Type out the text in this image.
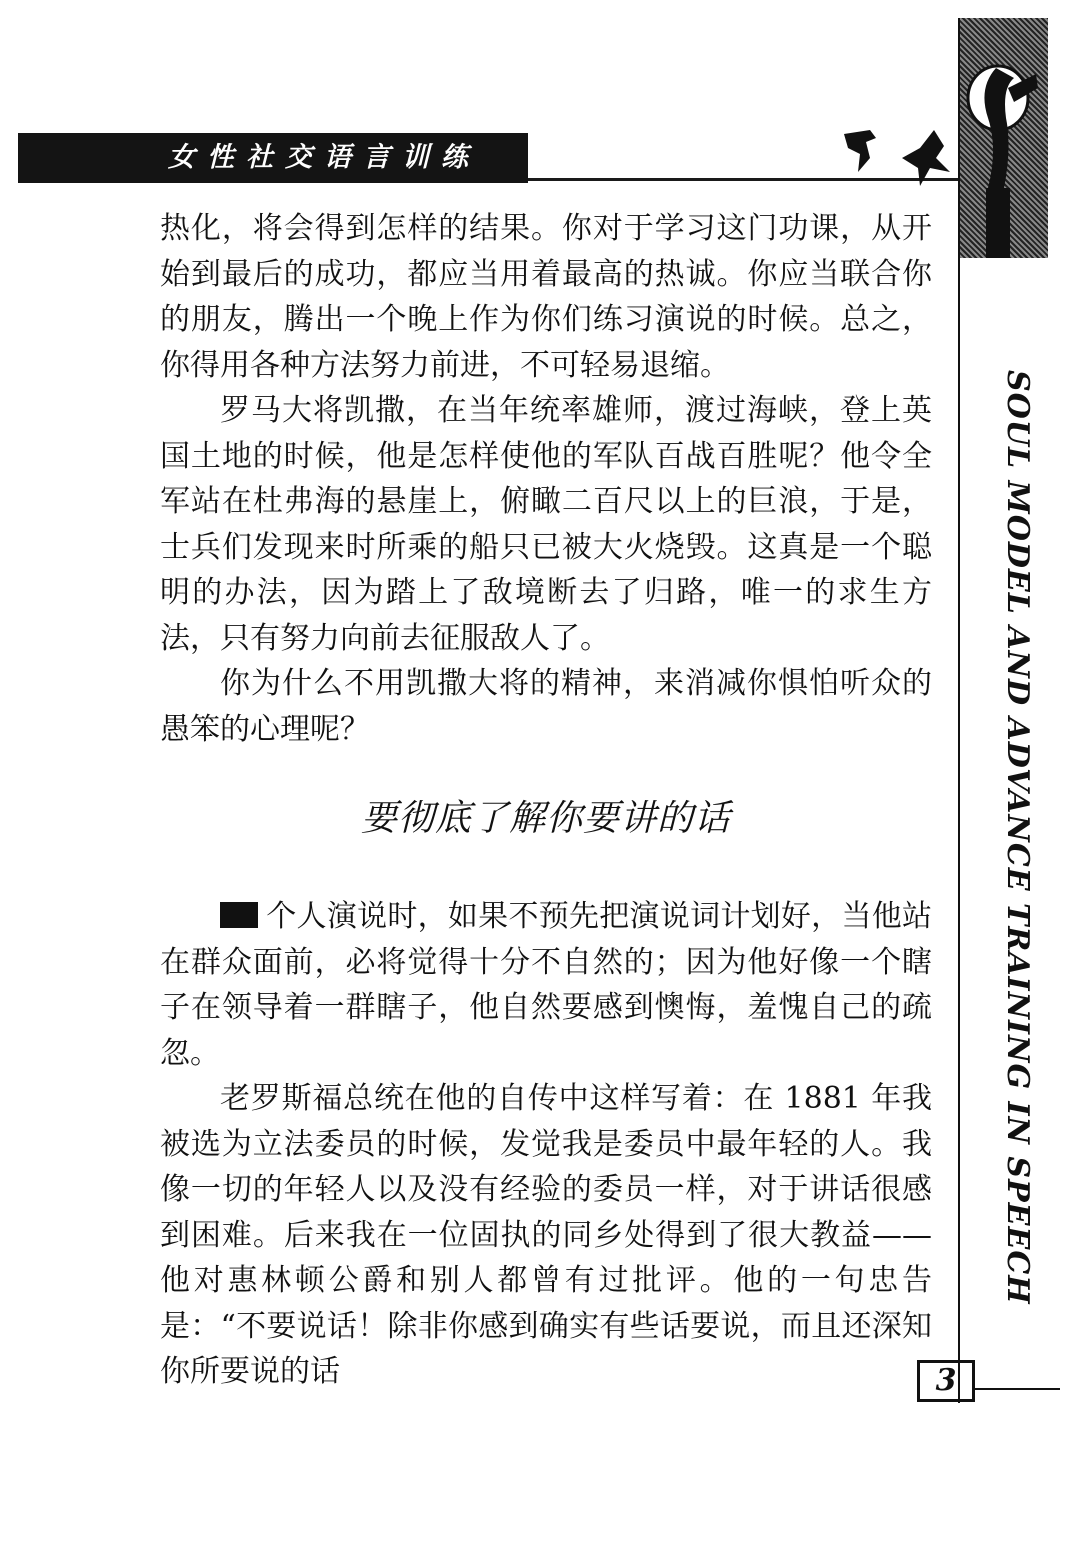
女性社交语言训练
SOUL MODEL AND ADVANCE TRAINING IN SPEECH

热化，将会得到怎样的结果。你对于学习这门功课，从开始到最后的成功，都应当用着最高的热诚。你应当联合你的朋友，腾出一个晚上作为你们练习演说的时候。总之，你得用各种方法努力前进，不可轻易退缩。

罗马大将凯撒，在当年统率雄师，渡过海峡，登上英国土地的时候，他是怎样使他的军队百战百胜呢？他令全军站在杜弗海的悬崖上，俯瞰二百尺以上的巨浪，于是，士兵们发现来时所乘的船只已被大火烧毁。这真是一个聪明的办法，因为踏上了敌境断去了归路，唯一的求生方法，只有努力向前去征服敌人了。

你为什么不用凯撒大将的精神，来消减你惧怕听众的愚笨的心理呢？

要彻底了解你要讲的话

个人演说时，如果不预先把演说词计划好，当他站在群众面前，必将觉得十分不自然的；因为他好像一个瞎子在领导着一群瞎子，他自然要感到懊悔，羞愧自己的疏忽。

老罗斯福总统在他的自传中这样写着：在 1881 年我被选为立法委员的时候，发觉我是委员中最年轻的人。我像一切的年轻人以及没有经验的委员一样，对于讲话很感到困难。后来我在一位固执的同乡处得到了很大教益——他对惠林顿公爵和别人都曾有过批评。他的一句忠告是：“不要说话！除非你感到确实有些话要说，而且还深知你所要说的话	3
